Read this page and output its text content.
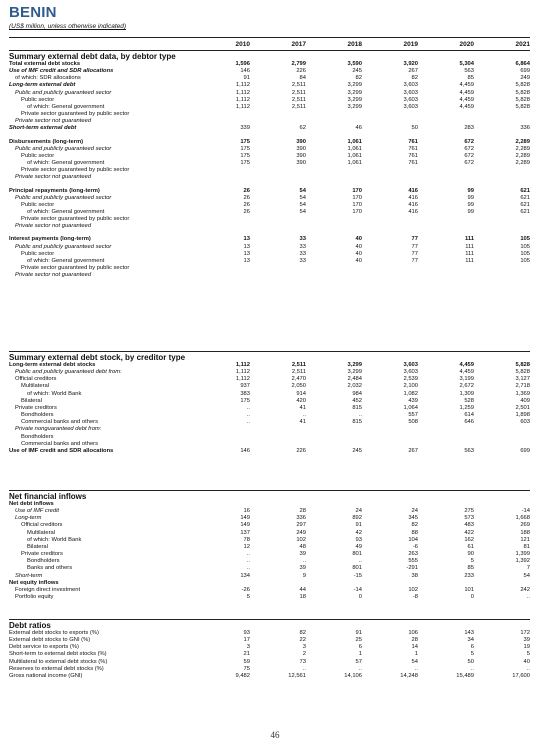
BENIN
(US$ million, unless otherwise indicated)
	2010	2017	2018	2019	2020	2021
Summary external debt data, by debtor type						
Total external debt stocks	1,596	2,799	3,590	3,920	5,304	6,864
Use of IMF credit and SDR allocations	146	226	245	267	563	699
of which: SDR allocations	91	84	82	82	85	249
Long-term external debt	1,112	2,511	3,299	3,603	4,459	5,828
Public and publicly guaranteed sector	1,112	2,511	3,299	3,603	4,459	5,828
Public sector	1,112	2,511	3,299	3,603	4,459	5,828
of which: General government	1,112	2,511	3,299	3,603	4,459	5,828
Private sector guaranteed by public sector						
Private sector not guaranteed						
Short-term external debt	339	62	46	50	283	336

Disbursements (long-term)	175	390	1,061	761	672	2,289
Public and publicly guaranteed sector	175	390	1,061	761	672	2,289
Public sector	175	390	1,061	761	672	2,289
of which: General government	175	390	1,061	761	672	2,289
Private sector guaranteed by public sector						
Private sector not guaranteed						

Principal repayments (long-term)	26	54	170	416	99	621
Public and publicly guaranteed sector	26	54	170	416	99	621
Public sector	26	54	170	416	99	621
of which: General government	26	54	170	416	99	621
Private sector guaranteed by public sector						
Private sector not guaranteed						

Interest payments (long-term)	13	33	40	77	111	105
Public and publicly guaranteed sector	13	33	40	77	111	105
Public sector	13	33	40	77	111	105
of which: General government	13	33	40	77	111	105
Private sector guaranteed by public sector						
Private sector not guaranteed						
Summary external debt stock, by creditor type						
Long-term external debt stocks	1,112	2,511	3,299	3,603	4,459	5,828
Public and publicly guaranteed debt from:	1,112	2,511	3,299	3,603	4,459	5,828
Official creditors	1,112	2,470	2,484	2,539	3,199	3,127
Multilateral	937	2,050	2,032	2,100	2,672	2,718
of which: World Bank	383	914	984	1,082	1,309	1,369
Bilateral	175	420	452	439	528	409
Private creditors	..	41	815	1,064	1,259	2,501
Bondholders	..	..	..	557	614	1,898
Commercial banks and others	..	41	815	508	646	603
Private nonguaranteed debt from:						
Bondholders						
Commercial banks and others						
Use of IMF credit and SDR allocations	146	226	245	267	563	699
Net financial inflows						
Net debt inflows						
Use of IMF credit	16	28	24	24	275	-14
Long-term	149	336	892	345	573	1,668
Official creditors	149	297	91	82	483	269
Multilateral	137	249	42	88	422	188
of which: World Bank	78	102	93	104	162	121
Bilateral	12	48	49	-6	61	81
Private creditors	..	39	801	263	90	1,399
Bondholders	..	..	..	555	5	1,392
Banks and others	..	39	801	-291	85	7
Short-term	134	9	-15	38	233	54
Net equity inflows						
Foreign direct investment	-26	44	-14	102	101	242
Portfolio equity	5	18	0	-8	0	..
Debt ratios						
External debt stocks to exports (%)	93	82	91	106	143	172
External debt stocks to GNI (%)	17	22	25	28	34	39
Debt service to exports (%)	3	3	6	14	6	19
Short-term to external debt stocks (%)	21	2	1	1	5	5
Multilateral to external debt stocks (%)	59	73	57	54	50	40
Reserves to external debt stocks (%)	75	..	..	..	..	..
Gross national income (GNI)	9,482	12,561	14,106	14,248	15,489	17,600
46
